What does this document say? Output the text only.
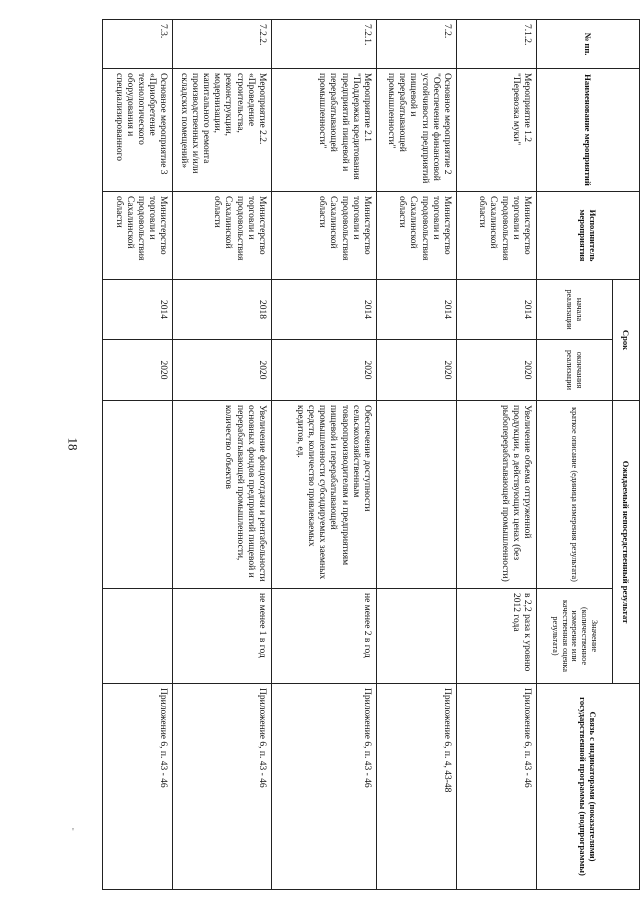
18
'
№ пп.	Наименование мероприятий	Исполнитель мероприятия	Срок		Ожидаемый непосредственный результат		Связь с индикаторами (показателями) государственной программы (подпрограммы)
			начала реализации	окончания реализации	краткое описание (единица измерения результата)	Значение (количественное измерение или качественная оценка результата)	
7.1.2.	Мероприятие 1.2 "Перевозка муки"	Министерство торговли и продовольствия Сахалинской области	2014	2020	Увеличение объема отгруженной продукции, в действующих ценах (без рыбоперерабатывающей промышленности)	в 2,2 раза к уровню 2012 года	Приложение 6, п. 43 - 46
7.2.	Основное мероприятие 2 "Обеспечение финансовой устойчивости предприятий пищевой и перерабатывающей промышленности"	Министерство торговли и продовольствия Сахалинской области	2014	2020			Приложение 6, п. 4, 43-48
7.2.1.	Мероприятие 2.1 "Поддержка кредитования предприятий пищевой и перерабатывающей промышленности"	Министерство торговли и продовольствия Сахалинской области	2014	2020	Обеспечение доступности сельскохозяйственным товаропроизводителям и предприятиям пищевой и перерабатывающей промышленности субсидируемых заемных средств, количество привлекаемых кредитов, ед.	не менее 2 в год	Приложение 6, п. 43 - 46
7.2.2.	Мероприятие 2.2. «Проведение строительства, реконструкции, модернизации, капитального ремонта производственных и/или складских помещений»	Министерство торговли и продовольствия Сахалинской области	2018	2020	Увеличение фондоотдачи и рентабельности основных фондов предприятий пищевой и перерабатывающей промышленности, количество объектов	не менее 1 в год	Приложение 6, п. 43 - 46
7.3.	Основное мероприятие 3 «Приобретение технологического оборудования и специализированного	Министерство торговли и продовольствия Сахалинской области	2014	2020			Приложение 6, п. 43 - 46
